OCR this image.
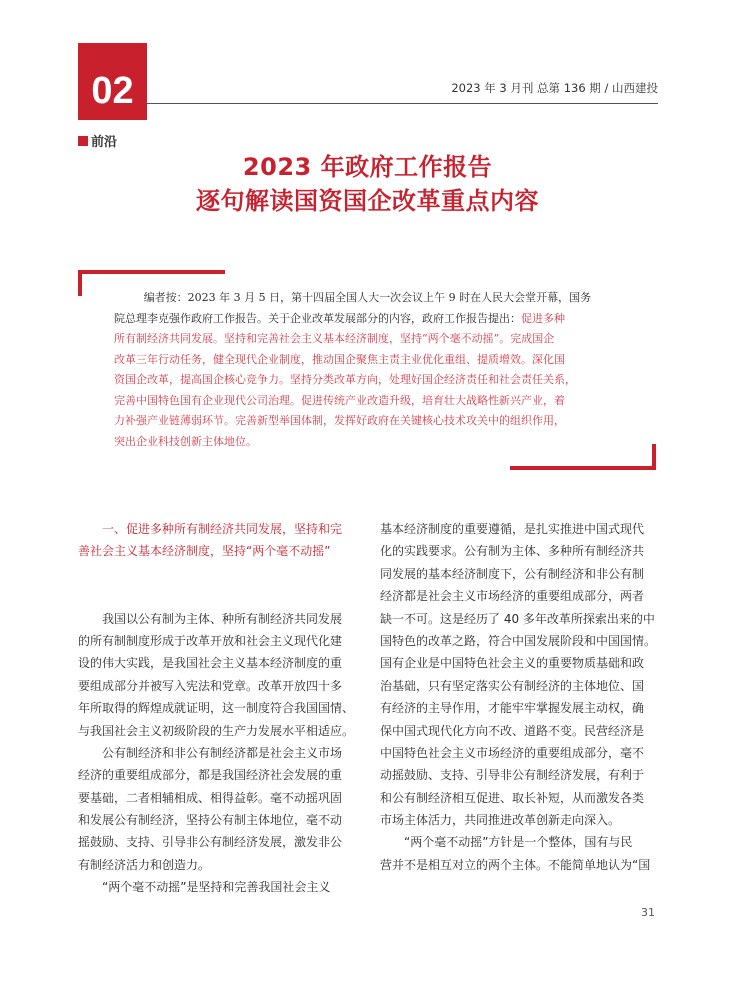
02	2023 年 3 月刊 总第 136 期 / 山西建投
前沿
2023 年政府工作报告
逐句解读国资国企改革重点内容
编者按：2023 年 3 月 5 日，第十四届全国人大一次会议上午 9 时在人民大会堂开幕，国务
院总理李克强作政府工作报告。关于企业改革发展部分的内容，政府工作报告提出：促进多种
所有制经济共同发展。坚持和完善社会主义基本经济制度，坚持“两个毫不动摇”。完成国企
改革三年行动任务，健全现代企业制度，推动国企聚焦主责主业优化重组、提质增效。深化国
资国企改革，提高国企核心竞争力。坚持分类改革方向，处理好国企经济责任和社会责任关系，
完善中国特色国有企业现代公司治理。促进传统产业改造升级，培育壮大战略性新兴产业，着
力补强产业链薄弱环节。完善新型举国体制，发挥好政府在关键核心技术攻关中的组织作用，
突出企业科技创新主体地位。
一、促进多种所有制经济共同发展，坚持和完
善社会主义基本经济制度，坚持“两个毫不动摇”
我国以公有制为主体、种所有制经济共同发展
的所有制制度形成于改革开放和社会主义现代化建
设的伟大实践，是我国社会主义基本经济制度的重
要组成部分并被写入宪法和党章。改革开放四十多
年所取得的辉煌成就证明，这一制度符合我国国情、
与我国社会主义初级阶段的生产力发展水平相适应。
公有制经济和非公有制经济都是社会主义市场
经济的重要组成部分，都是我国经济社会发展的重
要基础，二者相辅相成、相得益彰。毫不动摇巩固
和发展公有制经济，坚持公有制主体地位，毫不动
摇鼓励、支持、引导非公有制经济发展，激发非公
有制经济活力和创造力。
“两个毫不动摇”是坚持和完善我国社会主义
基本经济制度的重要遵循，是扎实推进中国式现代
化的实践要求。公有制为主体、多种所有制经济共
同发展的基本经济制度下，公有制经济和非公有制
经济都是社会主义市场经济的重要组成部分，两者
缺一不可。这是经历了 40 多年改革所探索出来的中
国特色的改革之路，符合中国发展阶段和中国国情。
国有企业是中国特色社会主义的重要物质基础和政
治基础，只有坚定落实公有制经济的主体地位、国
有经济的主导作用，才能牢牢掌握发展主动权，确
保中国式现代化方向不改、道路不变。民营经济是
中国特色社会主义市场经济的重要组成部分，毫不
动摇鼓励、支持、引导非公有制经济发展，有利于
和公有制经济相互促进、取长补短，从而激发各类
市场主体活力，共同推进改革创新走向深入。
“两个毫不动摇”方针是一个整体，国有与民
营并不是相互对立的两个主体。不能简单地认为“国
31
